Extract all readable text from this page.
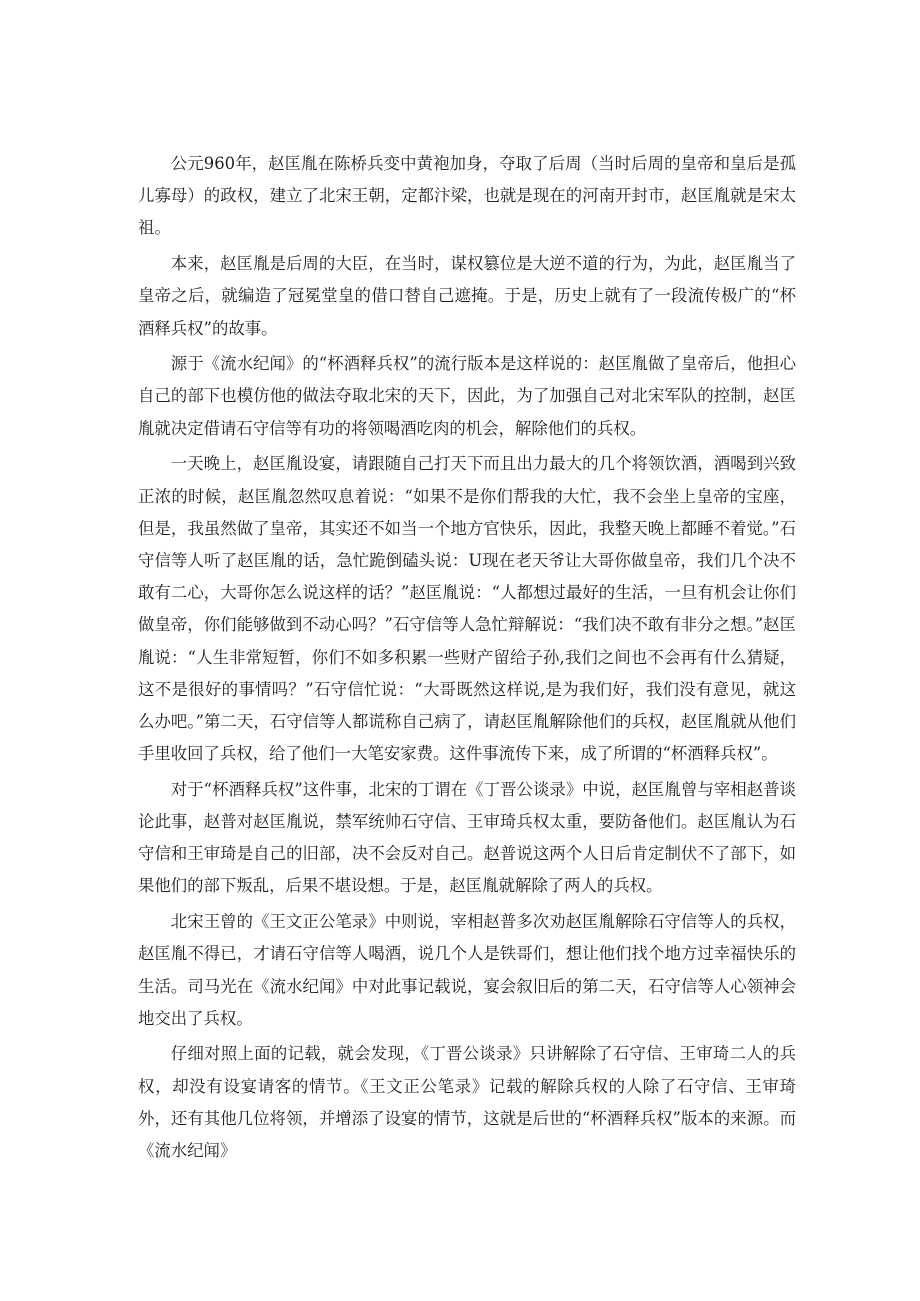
公元960年，赵匡胤在陈桥兵变中黄袍加身，夺取了后周（当时后周的皇帝和皇后是孤儿寡母）的政权，建立了北宋王朝，定都汴梁，也就是现在的河南开封市，赵匡胤就是宋太祖。

本来，赵匡胤是后周的大臣，在当时，谋权篡位是大逆不道的行为，为此，赵匡胤当了皇帝之后，就编造了冠冕堂皇的借口替自己遮掩。于是，历史上就有了一段流传极广的“杯酒释兵权”的故事。

源于《流水纪闻》的“杯酒释兵权”的流行版本是这样说的：赵匡胤做了皇帝后，他担心自己的部下也模仿他的做法夺取北宋的天下，因此，为了加强自己对北宋军队的控制，赵匡胤就决定借请石守信等有功的将领喝酒吃肉的机会，解除他们的兵权。

一天晚上，赵匡胤设宴，请跟随自己打天下而且出力最大的几个将领饮酒，酒喝到兴致正浓的时候，赵匡胤忽然叹息着说：“如果不是你们帮我的大忙，我不会坐上皇帝的宝座，但是，我虽然做了皇帝，其实还不如当一个地方官快乐，因此，我整天晚上都睡不着觉。”石守信等人听了赵匡胤的话，急忙跪倒磕头说：U现在老天爷让大哥你做皇帝，我们几个决不敢有二心，大哥你怎么说这样的话？”赵匡胤说：“人都想过最好的生活，一旦有机会让你们做皇帝，你们能够做到不动心吗？”石守信等人急忙辩解说：“我们决不敢有非分之想。”赵匡胤说：“人生非常短暂，你们不如多积累一些财产留给子孙,我们之间也不会再有什么猜疑，这不是很好的事情吗？”石守信忙说：“大哥既然这样说,是为我们好，我们没有意见，就这么办吧。”第二天，石守信等人都谎称自己病了，请赵匡胤解除他们的兵权，赵匡胤就从他们手里收回了兵权，给了他们一大笔安家费。这件事流传下来，成了所谓的“杯酒释兵权”。

对于“杯酒释兵权”这件事，北宋的丁谓在《丁晋公谈录》中说，赵匡胤曾与宰相赵普谈论此事，赵普对赵匡胤说，禁军统帅石守信、王审琦兵权太重，要防备他们。赵匡胤认为石守信和王审琦是自己的旧部，决不会反对自己。赵普说这两个人日后肯定制伏不了部下，如果他们的部下叛乱，后果不堪设想。于是，赵匡胤就解除了两人的兵权。

北宋王曾的《王文正公笔录》中则说，宰相赵普多次劝赵匡胤解除石守信等人的兵权，赵匡胤不得已，才请石守信等人喝酒，说几个人是铁哥们，想让他们找个地方过幸福快乐的生活。司马光在《流水纪闻》中对此事记载说，宴会叙旧后的第二天，石守信等人心领神会地交出了兵权。

仔细对照上面的记载，就会发现，《丁晋公谈录》只讲解除了石守信、王审琦二人的兵权，却没有设宴请客的情节。《王文正公笔录》记载的解除兵权的人除了石守信、王审琦外，还有其他几位将领，并增添了设宴的情节，这就是后世的“杯酒释兵权”版本的来源。而《流水纪闻》
